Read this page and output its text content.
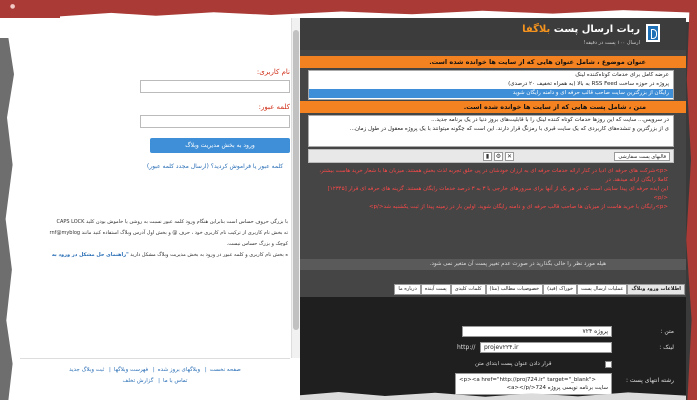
●
نام کاربری:
کلمه عبور:
ورود به بخش مدیریت وبلاگ
کلمه عبور یا فراموش کردید؟ (ارسال مجدد کلمه عبور)

با بزرگی حروف حساس است بنابراین هنگام ورود کلمه عبور نسبت به روشن یا خاموش بودن کلید CAPS LOCK

ته بخش نام کاربری از ترکیب نام کاربری خود ، حرف @ و بخش اول آدرس وبلاگ استفاده کنید مانند rnf@myblog

کوچک و بزرگ حساس نیست.

ه بخش نام کاربری و کلمه عبور در ورود به بخش مدیریت وبلاگ مشکل دارید "راهنمای حل مشکل در ورود به

صفحه نخست| وبلاگهای بروز شده| فهرست وبلاگها| ثبت وبلاگ جدید
تماس با ما| گزارش تخلف
ربات ارسال پست بلاگفا
ارسال ۱۰۰ پست در دقیقه!
عنوان موضوع ، شامل عنوان هایی که از سایت ها خوانده شده است.
عرضه کامل برای خدمات کوتاه‌کننده لینک
پروژه در حوزه ساخت RSS Feed به بالا (به همراه تخفیف ۲۰ درصدی)
رایگان از بزرگترین سایت صاحب قالب حرفه ای و دامنه رایگان شوید
متن ، شامل پست هایی که از سایت ها خوانده شده است.
در سرویس... سایت که این روزها خدمات کوتاه کننده لینک را با قابلیت‌های بروز دنیا در یک برنامه جدید...
ی از بزرگترین و تنشده‌های کاربردی که یک سایت قبری با رمزنگ قرار دارند. این است که چگونه میتوانند با یک پروژه معقول در طول زمان...
قالبهای پست سفارشی
▮	⚙ ✕
<p>شرکت های حرفه ای ادیا در کنار ارائه خدمات حرفه ای به ارزان خودشان در پی خلق تجربه لذت بخش هستند. میزبان ها با شعار خرید هاست بیشتر، کاملا رایگان ارائه میدهد. در
این ایده حرفه ای پیدا سایتی است که در هر یک از آنها برای سرورهای خارجی با ۳ به ۳ درصد خدمات رایگان هستند. گزینه های حرفه ای قرار [۱۲۳۴۵]</p>
<p>رایگان با خرید هاست از میزبان ها صاحب قالب حرفه ای و دامنه رایگان شوید. اولین بار در زمینه پیدا از ثبت یکشنبه شد</p>
هیله مورد نظر را خالی بگذارید در صورت عدم تغییر پست آن متغیر نمی شود.
اطلاعات ورود وبلاگ
عملیات ارسال پست
خوراک (فید)
خصوصیات مطالب (متا)
کلمات کلیدی
پست آینده
درباره ما
متن :
پروژه ۷۲۴
لینک :
http://	projev۲۲۴.ir
قرار دادن عنوان پست ابتدای متن
رشته انتهای پست :
<p><a href="http://proj724.ir" target="_blank">
سایت برنامه نویسی پروژه 724</a></p>
